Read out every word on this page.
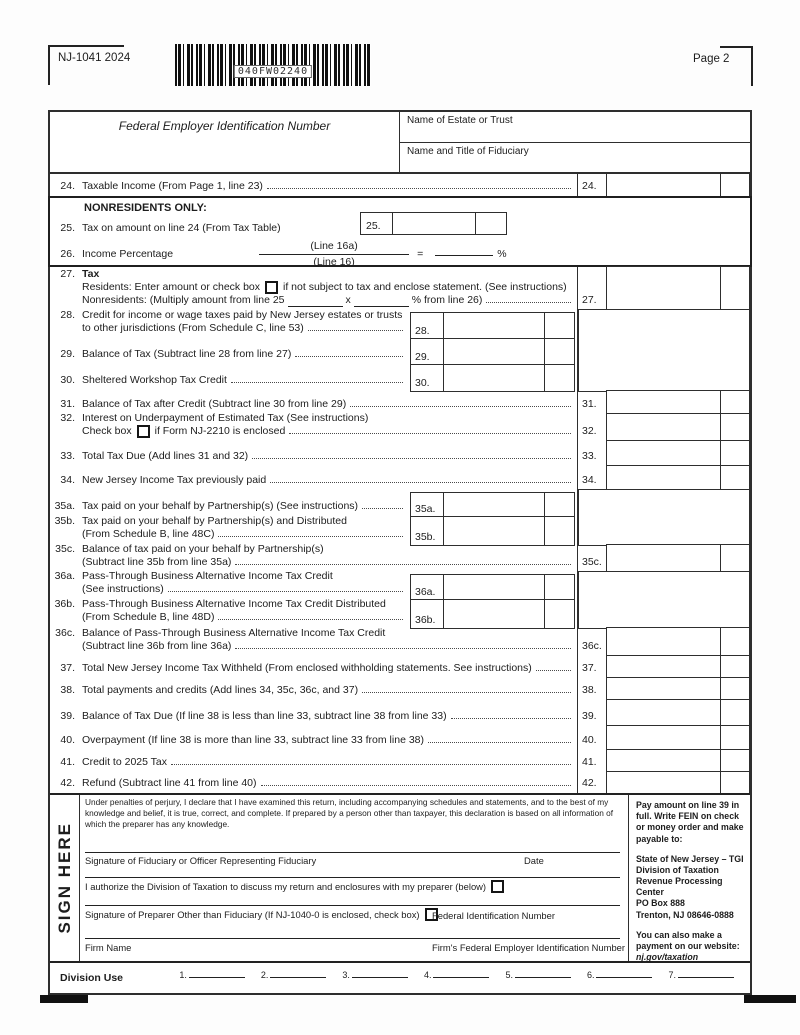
NJ-1041 2024
040FW02240
Page 2
Federal Employer Identification Number	Name of Estate or Trust
Name and Title of Fiduciary
24. Taxable Income (From Page 1, line 23)	24.
NONRESIDENTS ONLY:
25. Tax on amount on line 24 (From Tax Table)	25.
26. Income Percentage	$\frac{\text{(Line 16a)}}{\text{(Line 16)}}$ =	%
27. Tax
Residents: Enter amount or check box if not subject to tax and enclose statement. (See instructions)
Nonresidents: (Multiply amount from line 25	x	% from line 26)	27.
28. Credit for income or wage taxes paid by New Jersey estates or trusts
to other jurisdictions (From Schedule C, line 53)	28.
29. Balance of Tax (Subtract line 28 from line 27)	29.
30. Sheltered Workshop Tax Credit	30.
31. Balance of Tax after Credit (Subtract line 30 from line 29)	31.
32. Interest on Underpayment of Estimated Tax (See instructions)
Check box if Form NJ-2210 is enclosed	32.
33. Total Tax Due (Add lines 31 and 32)	33.
34. New Jersey Income Tax previously paid	34.
35a. Tax paid on your behalf by Partnership(s) (See instructions)	35a.
35b. Tax paid on your behalf by Partnership(s) and Distributed
(From Schedule B, line 48C)	35b.
35c. Balance of tax paid on your behalf by Partnership(s)
(Subtract line 35b from line 35a)	35c.
36a. Pass-Through Business Alternative Income Tax Credit
(See instructions)	36a.
36b. Pass-Through Business Alternative Income Tax Credit Distributed
(From Schedule B, line 48D)	36b.
36c. Balance of Pass-Through Business Alternative Income Tax Credit
(Subtract line 36b from line 36a)	36c.
37. Total New Jersey Income Tax Withheld (From enclosed withholding statements. See instructions)	37.
38. Total payments and credits (Add lines 34, 35c, 36c, and 37)	38.
39. Balance of Tax Due (If line 38 is less than line 33, subtract line 38 from line 33)	39.
40. Overpayment (If line 38 is more than line 33, subtract line 33 from line 38)	40.
41. Credit to 2025 Tax	41.
42. Refund (Subtract line 41 from line 40)	42.
SIGN HERE
Under penalties of perjury, I declare that I have examined this return, including accompanying schedules and statements, and to the best of my knowledge and belief, it is true, correct, and complete. If prepared by a person other than taxpayer, this declaration is based on all information of which the preparer has any knowledge.
Signature of Fiduciary or Officer Representing Fiduciary	Date
I authorize the Division of Taxation to discuss my return and enclosures with my preparer (below)
Signature of Preparer Other than Fiduciary (If NJ-1040-0 is enclosed, check box) Federal Identification Number
Firm Name	Firm's Federal Employer Identification Number
Pay amount on line 39 in full. Write FEIN on check or money order and make payable to:
State of New Jersey – TGI
Division of Taxation
Revenue Processing Center
PO Box 888
Trenton, NJ 08646-0888
You can also make a payment on our website:
nj.gov/taxation
Division Use	1.	2.	3.	4.	5.	6.	7.
